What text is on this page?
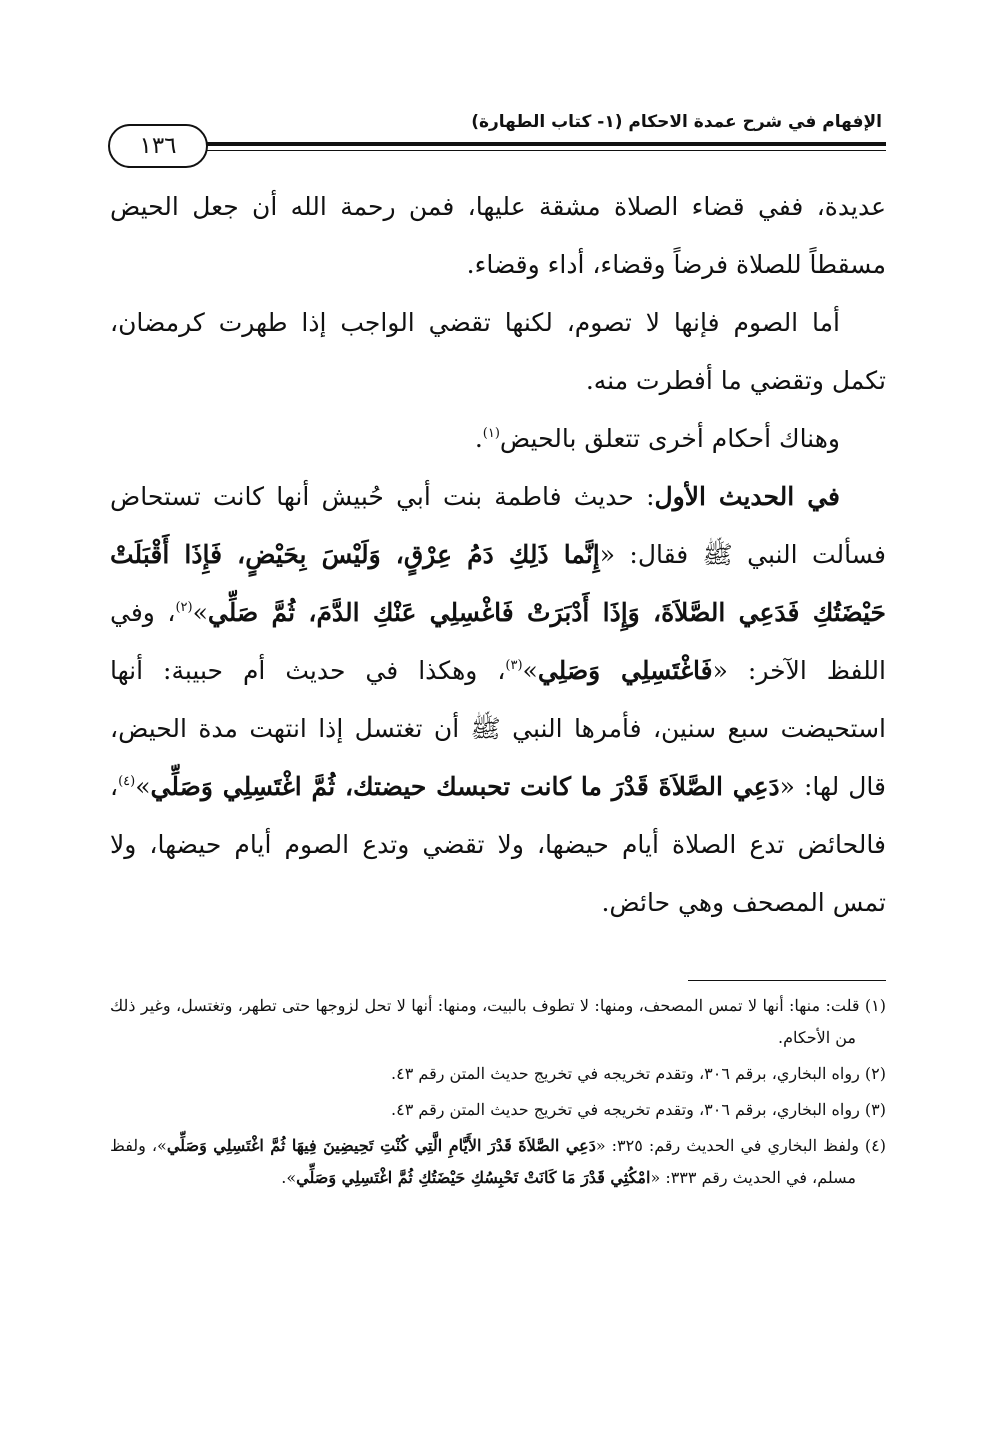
١٣٦
الإفهام في شرح عمدة الاحكام (١- كتاب الطهارة)

عديدة، ففي قضاء الصلاة مشقة عليها، فمن رحمة الله أن جعل الحيض مسقطاً للصلاة فرضاً وقضاء، أداء وقضاء.

أما الصوم فإنها لا تصوم، لكنها تقضي الواجب إذا طهرت كرمضان، تكمل وتقضي ما أفطرت منه.

وهناك أحكام أخرى تتعلق بالحيض$^{(١)}$.

في الحديث الأول: حديث فاطمة بنت أبي حُبيش أنها كانت تستحاض فسألت النبي ﷺ فقال: «إِنَّما ذَلِكِ دَمُ عِرْقٍ، وَلَيْسَ بِحَيْضٍ، فَإِذَا أَقْبَلَتْ حَيْضَتُكِ فَدَعِي الصَّلاَةَ، وَإِذَا أَدْبَرَتْ فَاغْسِلِي عَنْكِ الدَّمَ، ثُمَّ صَلِّي»$^{(٢)}$، وفي اللفظ الآخر: «فَاغْتَسِلِي وَصَلِي»$^{(٣)}$، وهكذا في حديث أم حبيبة: أنها استحيضت سبع سنين، فأمرها النبي ﷺ أن تغتسل إذا انتهت مدة الحيض، قال لها: «دَعِي الصَّلاَةَ قَدْرَ ما كانت تحبسك حيضتك، ثُمَّ اغْتَسِلِي وَصَلِّي»$^{(٤)}$، فالحائض تدع الصلاة أيام حيضها، ولا تقضي وتدع الصوم أيام حيضها، ولا تمس المصحف وهي حائض.

(١) قلت: منها: أنها لا تمس المصحف، ومنها: لا تطوف بالبيت، ومنها: أنها لا تحل لزوجها حتى تطهر، وتغتسل، وغير ذلك من الأحكام.

(٢) رواه البخاري، برقم ٣٠٦، وتقدم تخريجه في تخريج حديث المتن رقم ٤٣.

(٣) رواه البخاري، برقم ٣٠٦، وتقدم تخريجه في تخريج حديث المتن رقم ٤٣.

(٤) ولفظ البخاري في الحديث رقم: ٣٢٥: «دَعِي الصَّلاَةَ قَدْرَ الأَيَّامِ الَّتِي كُنْتِ تَحِيضِينَ فِيهَا ثُمَّ اغْتَسِلِي وَصَلِّي»، ولفظ مسلم، في الحديث رقم ٣٣٣: «امْكُثِي قَدْرَ مَا كَانَتْ تَحْبِسُكِ حَيْضَتُكِ ثُمَّ اغْتَسِلِي وَصَلِّي».
